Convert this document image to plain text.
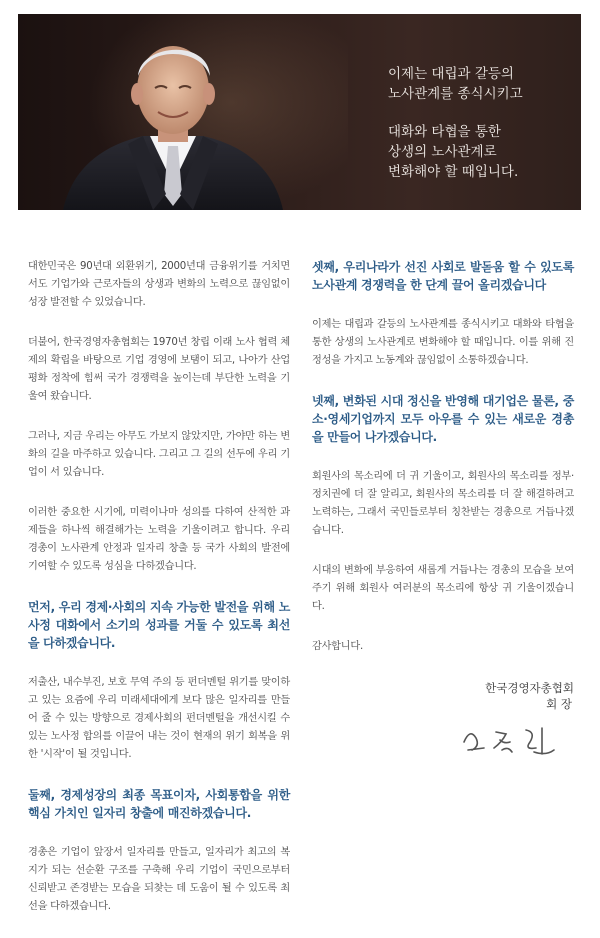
이제는 대립과 갈등의

노사관계를 종식시키고

대화와 타협을 통한

상생의 노사관계로

변화해야 할 때입니다.

대한민국은 90년대 외환위기, 2000년대 금융위기를 거치면서도 기업가와 근로자들의 상생과 변화의 노력으로 끊임없이 성장 발전할 수 있었습니다.

더불어, 한국경영자총협회는 1970년 창립 이래 노사 협력 체제의 확립을 바탕으로 기업 경영에 보탬이 되고, 나아가 산업평화 정착에 힘써 국가 경쟁력을 높이는데 부단한 노력을 기울여 왔습니다.

그러나, 지금 우리는 아무도 가보지 않았지만, 가야만 하는 변화의 길을 마주하고 있습니다. 그리고 그 길의 선두에 우리 기업이 서 있습니다.

이러한 중요한 시기에, 미력이나마 성의를 다하여 산적한 과제들을 하나씩 해결해가는 노력을 기울이려고 합니다. 우리 경총이 노사관계 안정과 일자리 창출 등 국가 사회의 발전에 기여할 수 있도록 성심을 다하겠습니다.

먼저, 우리 경제·사회의 지속 가능한 발전을 위해 노사정 대화에서 소기의 성과를 거둘 수 있도록 최선을 다하겠습니다.

저출산, 내수부진, 보호 무역 주의 등 펀더멘털 위기를 맞이하고 있는 요즘에 우리 미래세대에게 보다 많은 일자리를 만들어 줄 수 있는 방향으로 경제사회의 펀더멘털을 개선시킬 수 있는 노사정 합의를 이끌어 내는 것이 현재의 위기 회복을 위한 '시작'이 될 것입니다.

둘째, 경제성장의 최종 목표이자, 사회통합을 위한 핵심 가치인 일자리 창출에 매진하겠습니다.

경총은 기업이 앞장서 일자리를 만들고, 일자리가 최고의 복지가 되는 선순환 구조를 구축해 우리 기업이 국민으로부터 신뢰받고 존경받는 모습을 되찾는 데 도움이 될 수 있도록 최선을 다하겠습니다.

셋째, 우리나라가 선진 사회로 발돋움 할 수 있도록 노사관계 경쟁력을 한 단계 끌어 올리겠습니다

이제는 대립과 갈등의 노사관계를 종식시키고 대화와 타협을 통한 상생의 노사관계로 변화해야 할 때입니다. 이를 위해 진정성을 가지고 노동계와 끊임없이 소통하겠습니다.

넷째, 변화된 시대 정신을 반영해 대기업은 물론, 중소·영세기업까지 모두 아우를 수 있는 새로운 경총을 만들어 나가겠습니다.

회원사의 목소리에 더 귀 기울이고, 회원사의 목소리를 정부·정치권에 더 잘 알리고, 회원사의 목소리를 더 잘 해결하려고 노력하는, 그래서 국민들로부터 칭찬받는 경총으로 거듭나겠습니다.

시대의 변화에 부응하여 새롭게 거듭나는 경총의 모습을 보여주기 위해 회원사 여러분의 목소리에 항상 귀 기울이겠습니다.

감사합니다.

한국경영자총협회

회 장
